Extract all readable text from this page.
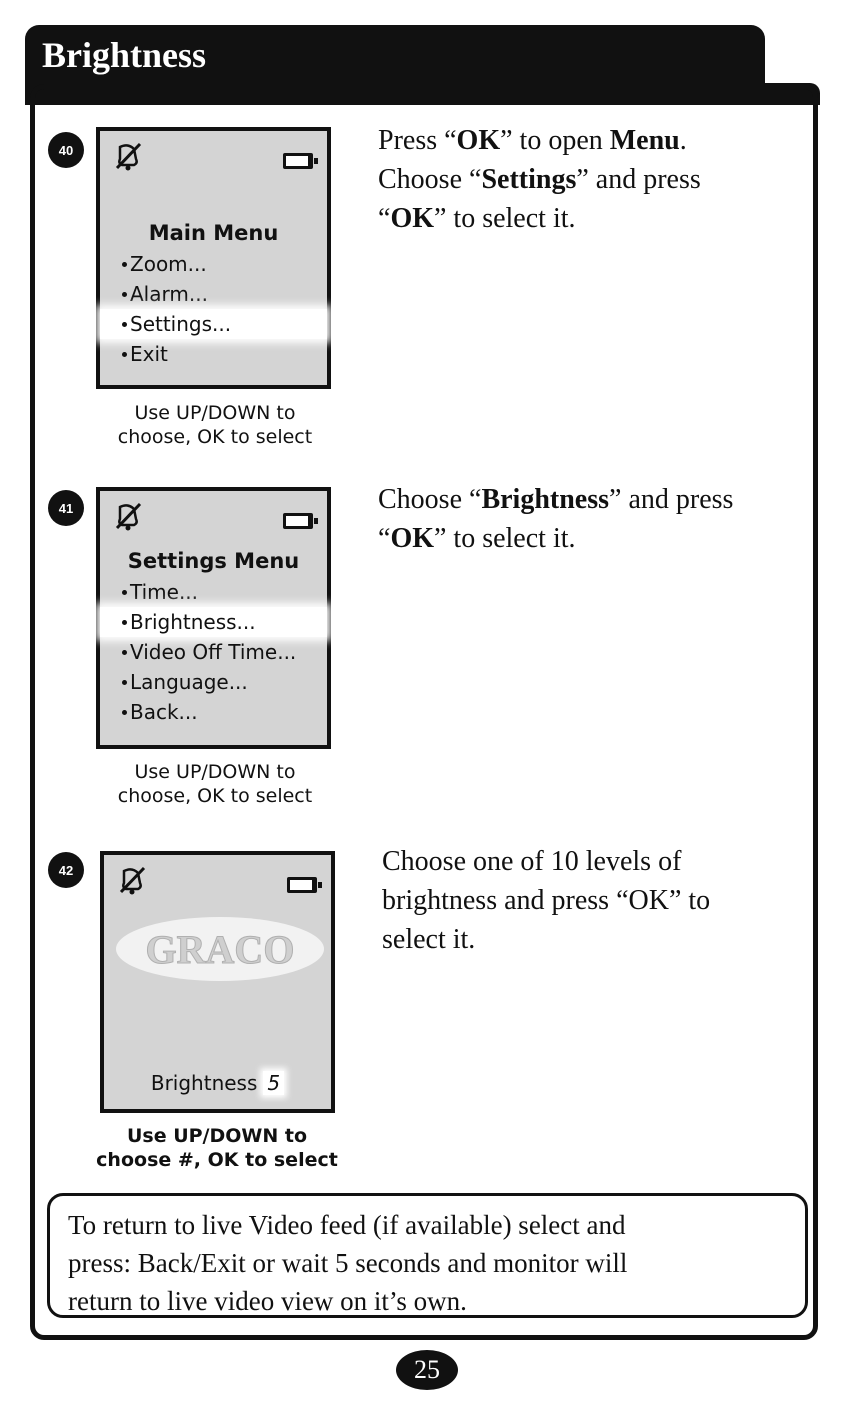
Brightness
40
Main Menu
Zoom...
Alarm...
Settings...
Exit
Use UP/DOWN to
choose, OK to select
Press “OK” to open Menu.
Choose “Settings” and press
“OK” to select it.
41
Settings Menu
Time...
Brightness...
Video Off Time...
Language...
Back...
Use UP/DOWN to
choose, OK to select
Choose “Brightness” and press
“OK” to select it.
42
GRACO
Brightness 5
Use UP/DOWN to
choose #, OK to select
Choose one of 10 levels of
brightness and press “OK” to
select it.
To return to live Video feed (if available) select and
press: Back/Exit or wait 5 seconds and monitor will
return to live video view on it’s own.
25
